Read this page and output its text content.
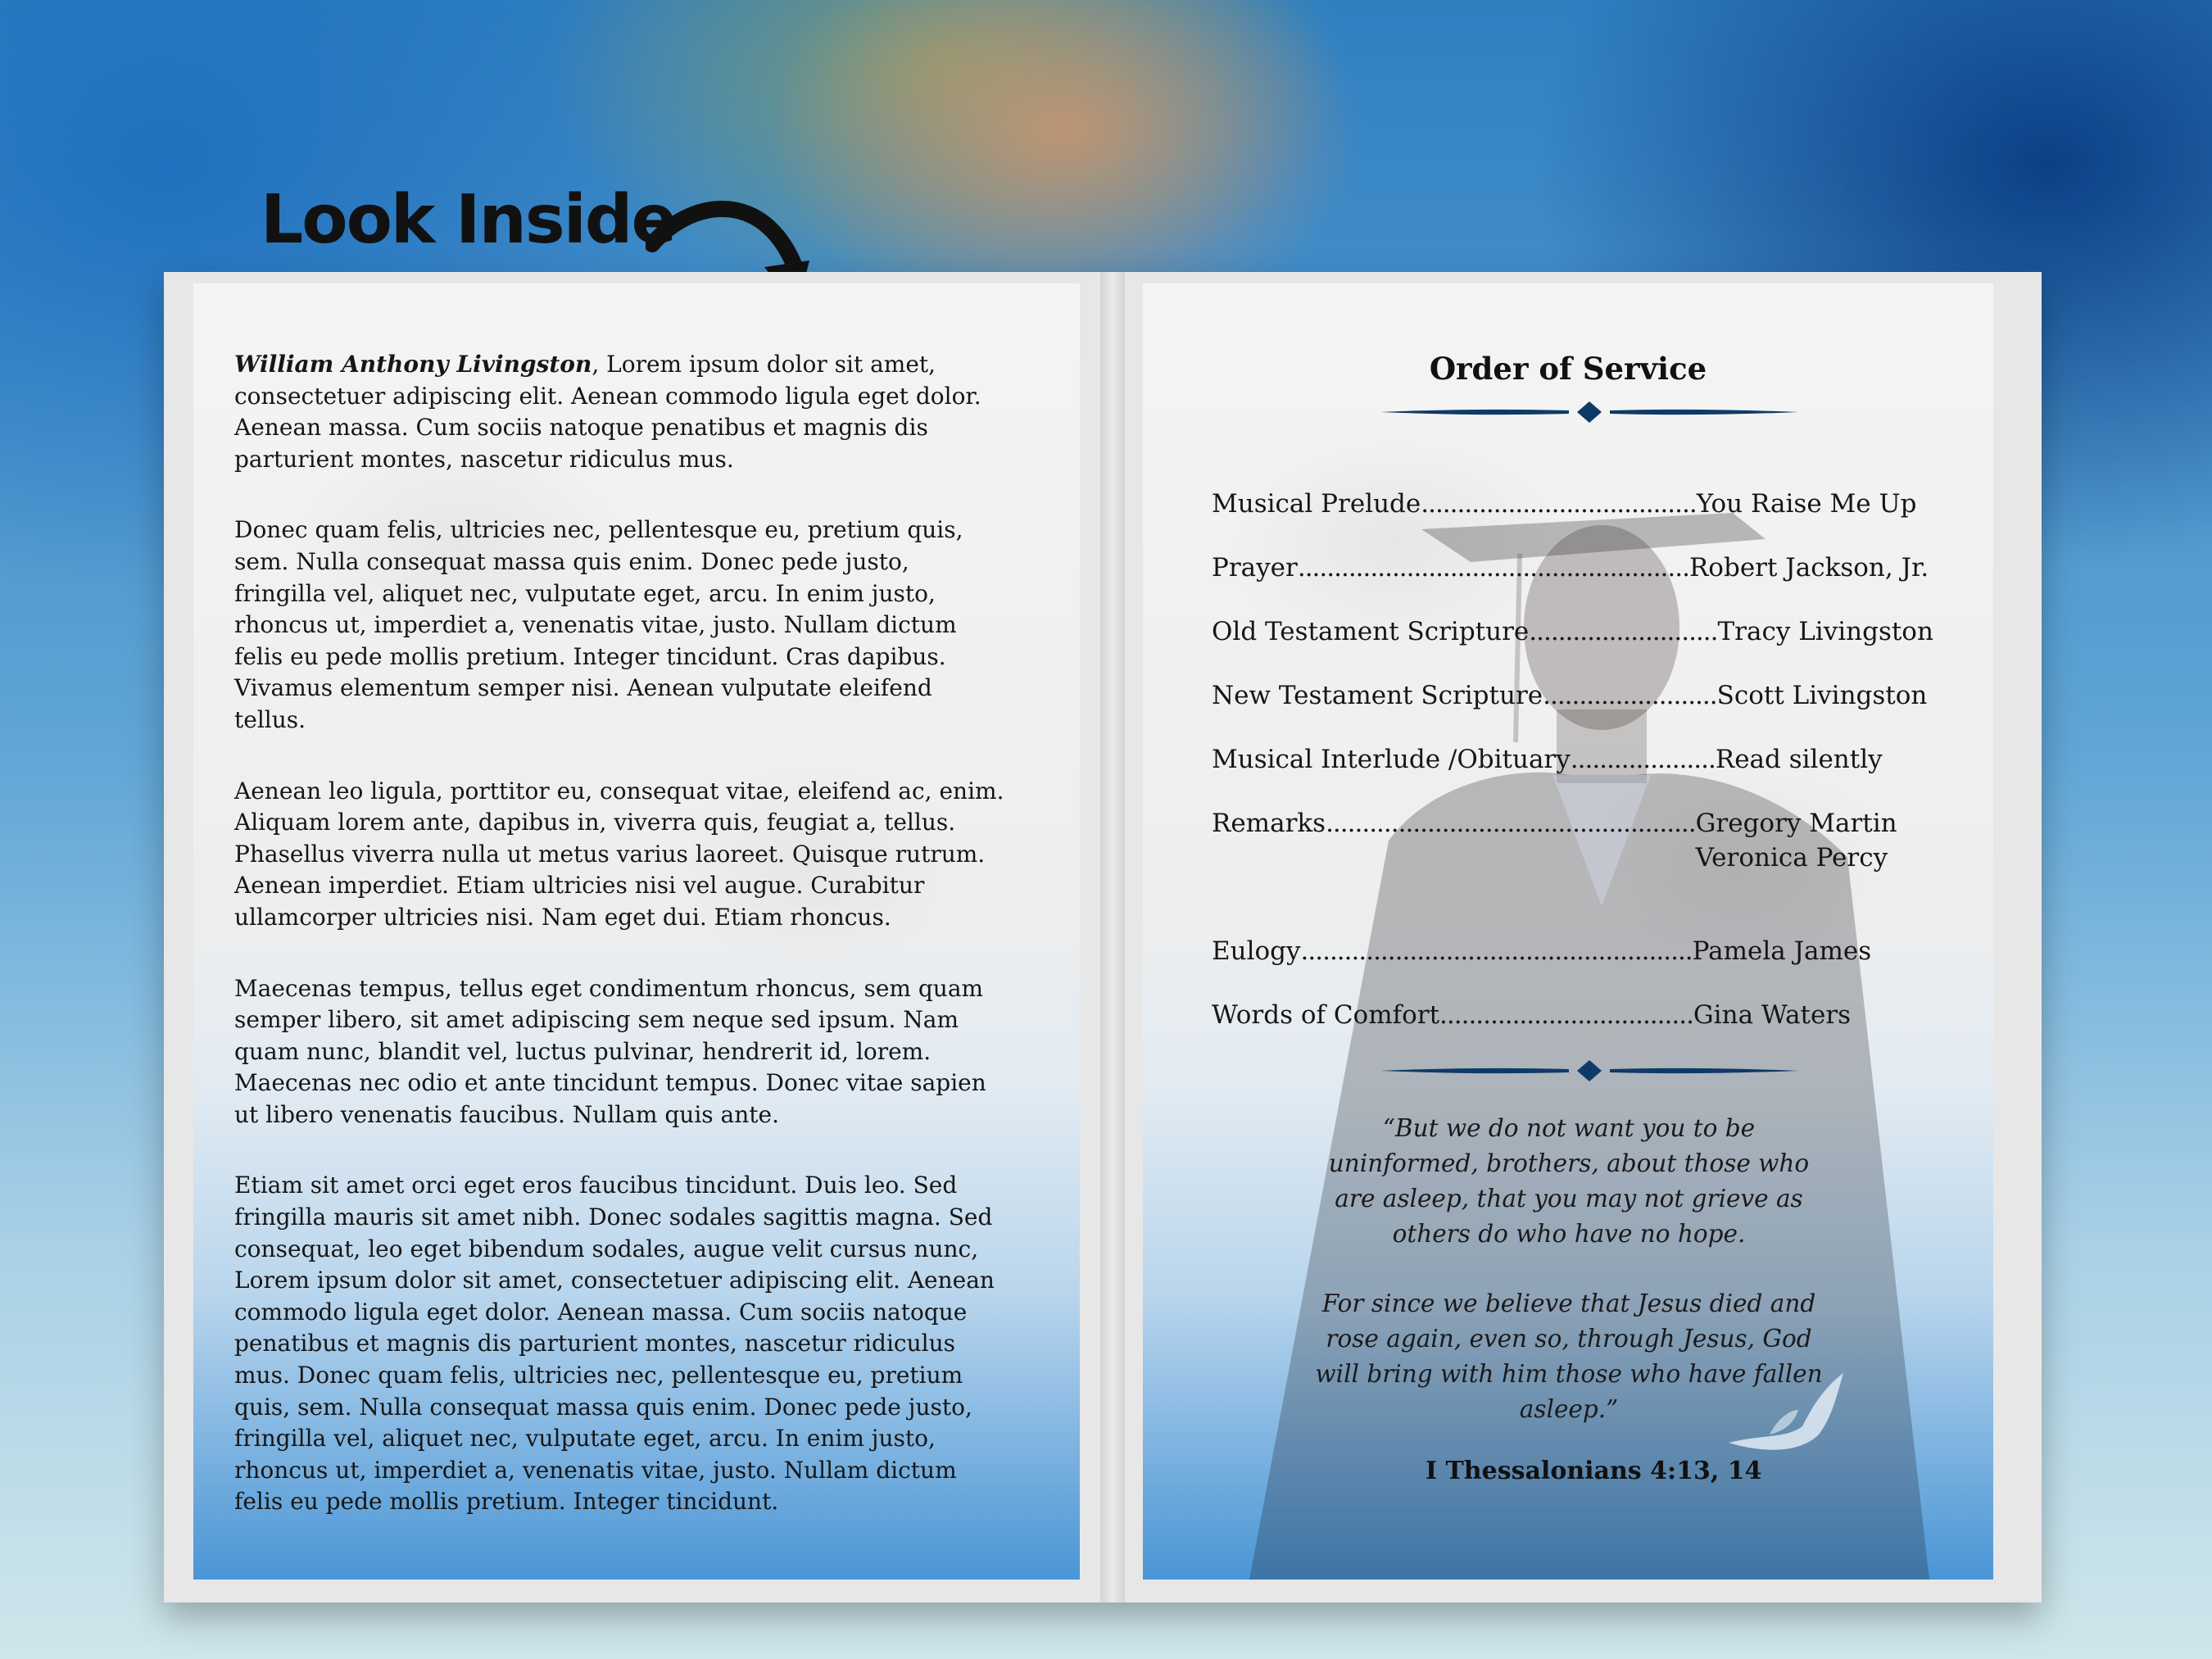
Look Inside

William Anthony Livingston, Lorem ipsum dolor sit amet, consectetuer adipiscing elit. Aenean commodo ligula eget dolor. Aenean massa. Cum sociis natoque penatibus et magnis dis parturient montes, nascetur ridiculus mus.

Donec quam felis, ultricies nec, pellentesque eu, pretium quis, sem. Nulla consequat massa quis enim. Donec pede justo, fringilla vel, aliquet nec, vulputate eget, arcu. In enim justo, rhoncus ut, imperdiet a, venenatis vitae, justo. Nullam dictum felis eu pede mollis pretium. Integer tincidunt. Cras dapibus. Vivamus elementum semper nisi. Aenean vulputate eleifend tellus.

Aenean leo ligula, porttitor eu, consequat vitae, eleifend ac, enim. Aliquam lorem ante, dapibus in, viverra quis, feugiat a, tellus. Phasellus viverra nulla ut metus varius laoreet. Quisque rutrum. Aenean imperdiet. Etiam ultricies nisi vel augue. Curabitur ullamcorper ultricies nisi. Nam eget dui. Etiam rhoncus.

Maecenas tempus, tellus eget condimentum rhoncus, sem quam semper libero, sit amet adipiscing sem neque sed ipsum. Nam quam nunc, blandit vel, luctus pulvinar, hendrerit id, lorem. Maecenas nec odio et ante tincidunt tempus. Donec vitae sapien ut libero venenatis faucibus. Nullam quis ante.

Etiam sit amet orci eget eros faucibus tincidunt. Duis leo. Sed fringilla mauris sit amet nibh. Donec sodales sagittis magna. Sed consequat, leo eget bibendum sodales, augue velit cursus nunc, Lorem ipsum dolor sit amet, consectetuer adipiscing elit. Aenean commodo ligula eget dolor. Aenean massa. Cum sociis natoque penatibus et magnis dis parturient montes, nascetur ridiculus mus. Donec quam felis, ultricies nec, pellentesque eu, pretium quis, sem. Nulla consequat massa quis enim. Donec pede justo, fringilla vel, aliquet nec, vulputate eget, arcu. In enim justo, rhoncus ut, imperdiet a, venenatis vitae, justo. Nullam dictum felis eu pede mollis pretium. Integer tincidunt.

Order of Service
Musical Prelude ...................................... You Raise Me Up
Prayer ...................................................... Robert Jackson, Jr.
Old Testament Scripture .......................... Tracy Livingston
New Testament Scripture ........................ Scott Livingston
Musical Interlude /Obituary .................... Read silently
Remarks ................................................... Gregory Martin
Veronica Percy
Eulogy ...................................................... Pamela James
Words of Comfort ................................... Gina Waters

“But we do not want you to be uninformed, brothers, about those who are asleep, that you may not grieve as others do who have no hope.

For since we believe that Jesus died and rose again, even so, through Jesus, God will bring with him those who have fallen asleep.”

I Thessalonians 4:13, 14
